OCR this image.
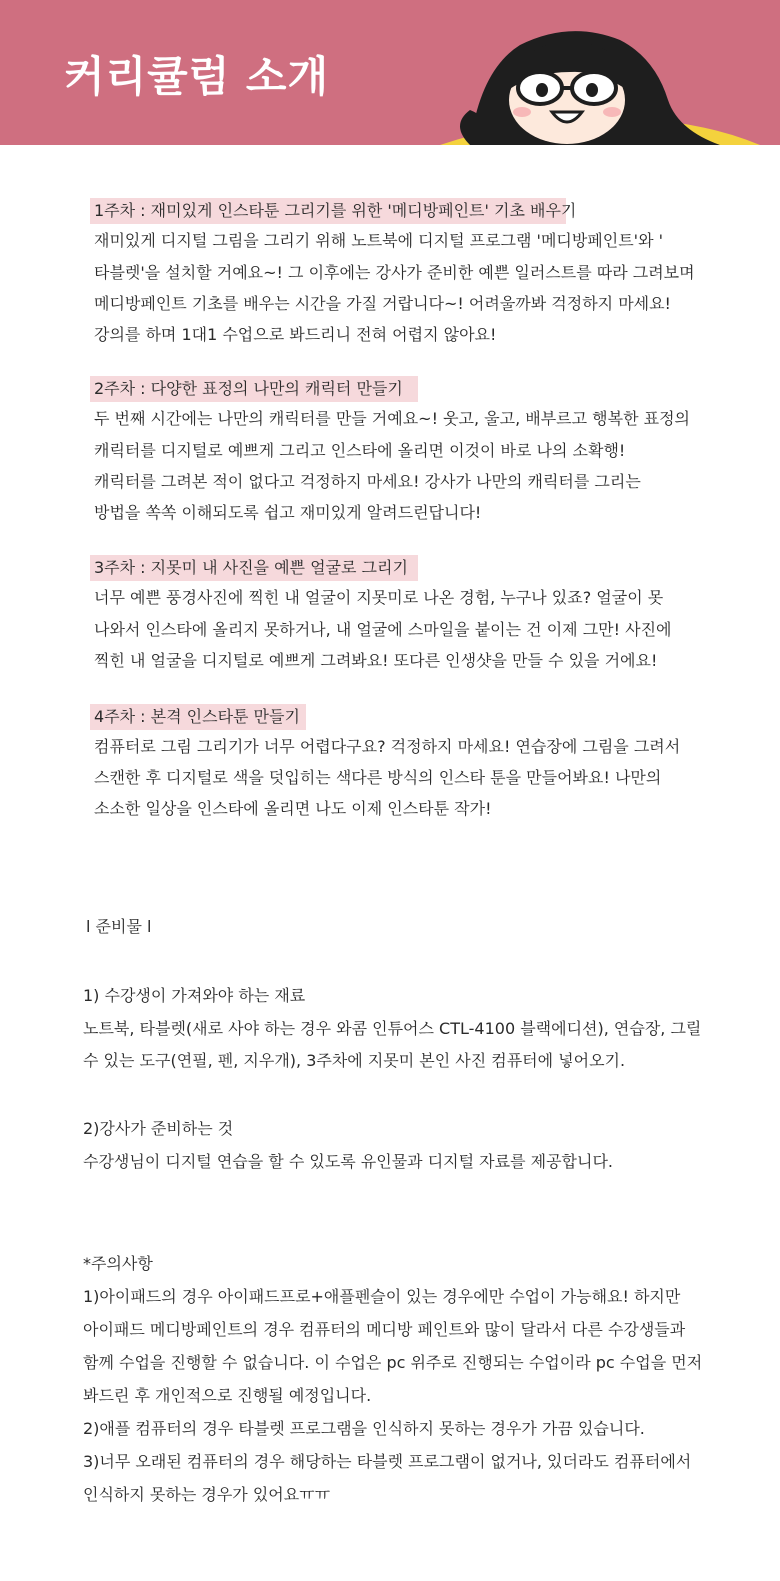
커리큘럼 소개
1주차 : 재미있게 인스타툰 그리기를 위한 '메디방페인트' 기초 배우기
재미있게 디지털 그림을 그리기 위해 노트북에 디지털 프로그램 '메디방페인트'와 '
타블렛'을 설치할 거예요~! 그 이후에는 강사가 준비한 예쁜 일러스트를 따라 그려보며
메디방페인트 기초를 배우는 시간을 가질 거랍니다~! 어려울까봐 걱정하지 마세요!
강의를 하며 1대1 수업으로 봐드리니 전혀 어렵지 않아요!
2주차 : 다양한 표정의 나만의 캐릭터 만들기
두 번째 시간에는 나만의 캐릭터를 만들 거예요~! 웃고, 울고, 배부르고 행복한 표정의
캐릭터를 디지털로 예쁘게 그리고 인스타에 올리면 이것이 바로 나의 소확행!
캐릭터를 그려본 적이 없다고 걱정하지 마세요! 강사가 나만의 캐릭터를 그리는
방법을 쏙쏙 이해되도록 쉽고 재미있게 알려드린답니다!
3주차 : 지못미 내 사진을 예쁜 얼굴로 그리기
너무 예쁜 풍경사진에 찍힌 내 얼굴이 지못미로 나온 경험, 누구나 있죠? 얼굴이 못
나와서 인스타에 올리지 못하거나, 내 얼굴에 스마일을 붙이는 건 이제 그만! 사진에
찍힌 내 얼굴을 디지털로 예쁘게 그려봐요! 또다른 인생샷을 만들 수 있을 거에요!
4주차 : 본격 인스타툰 만들기
컴퓨터로 그림 그리기가 너무 어렵다구요? 걱정하지 마세요! 연습장에 그림을 그려서
스캔한 후 디지털로 색을 덧입히는 색다른 방식의 인스타 툰을 만들어봐요! 나만의
소소한 일상을 인스타에 올리면 나도 이제 인스타툰 작가!
l 준비물 l
1) 수강생이 가져와야 하는 재료
노트북, 타블렛(새로 사야 하는 경우 와콤 인튜어스 CTL-4100 블랙에디션), 연습장, 그릴
수 있는 도구(연필, 펜, 지우개), 3주차에 지못미 본인 사진 컴퓨터에 넣어오기.
2)강사가 준비하는 것
수강생님이 디지털 연습을 할 수 있도록 유인물과 디지털 자료를 제공합니다.
*주의사항
1)아이패드의 경우 아이패드프로+애플펜슬이 있는 경우에만 수업이 가능해요! 하지만
아이패드 메디방페인트의 경우 컴퓨터의 메디방 페인트와 많이 달라서 다른 수강생들과
함께 수업을 진행할 수 없습니다. 이 수업은 pc 위주로 진행되는 수업이라 pc 수업을 먼저
봐드린 후 개인적으로 진행될 예정입니다.
2)애플 컴퓨터의 경우 타블렛 프로그램을 인식하지 못하는 경우가 가끔 있습니다.
3)너무 오래된 컴퓨터의 경우 해당하는 타블렛 프로그램이 없거나, 있더라도 컴퓨터에서
인식하지 못하는 경우가 있어요ㅠㅠ
